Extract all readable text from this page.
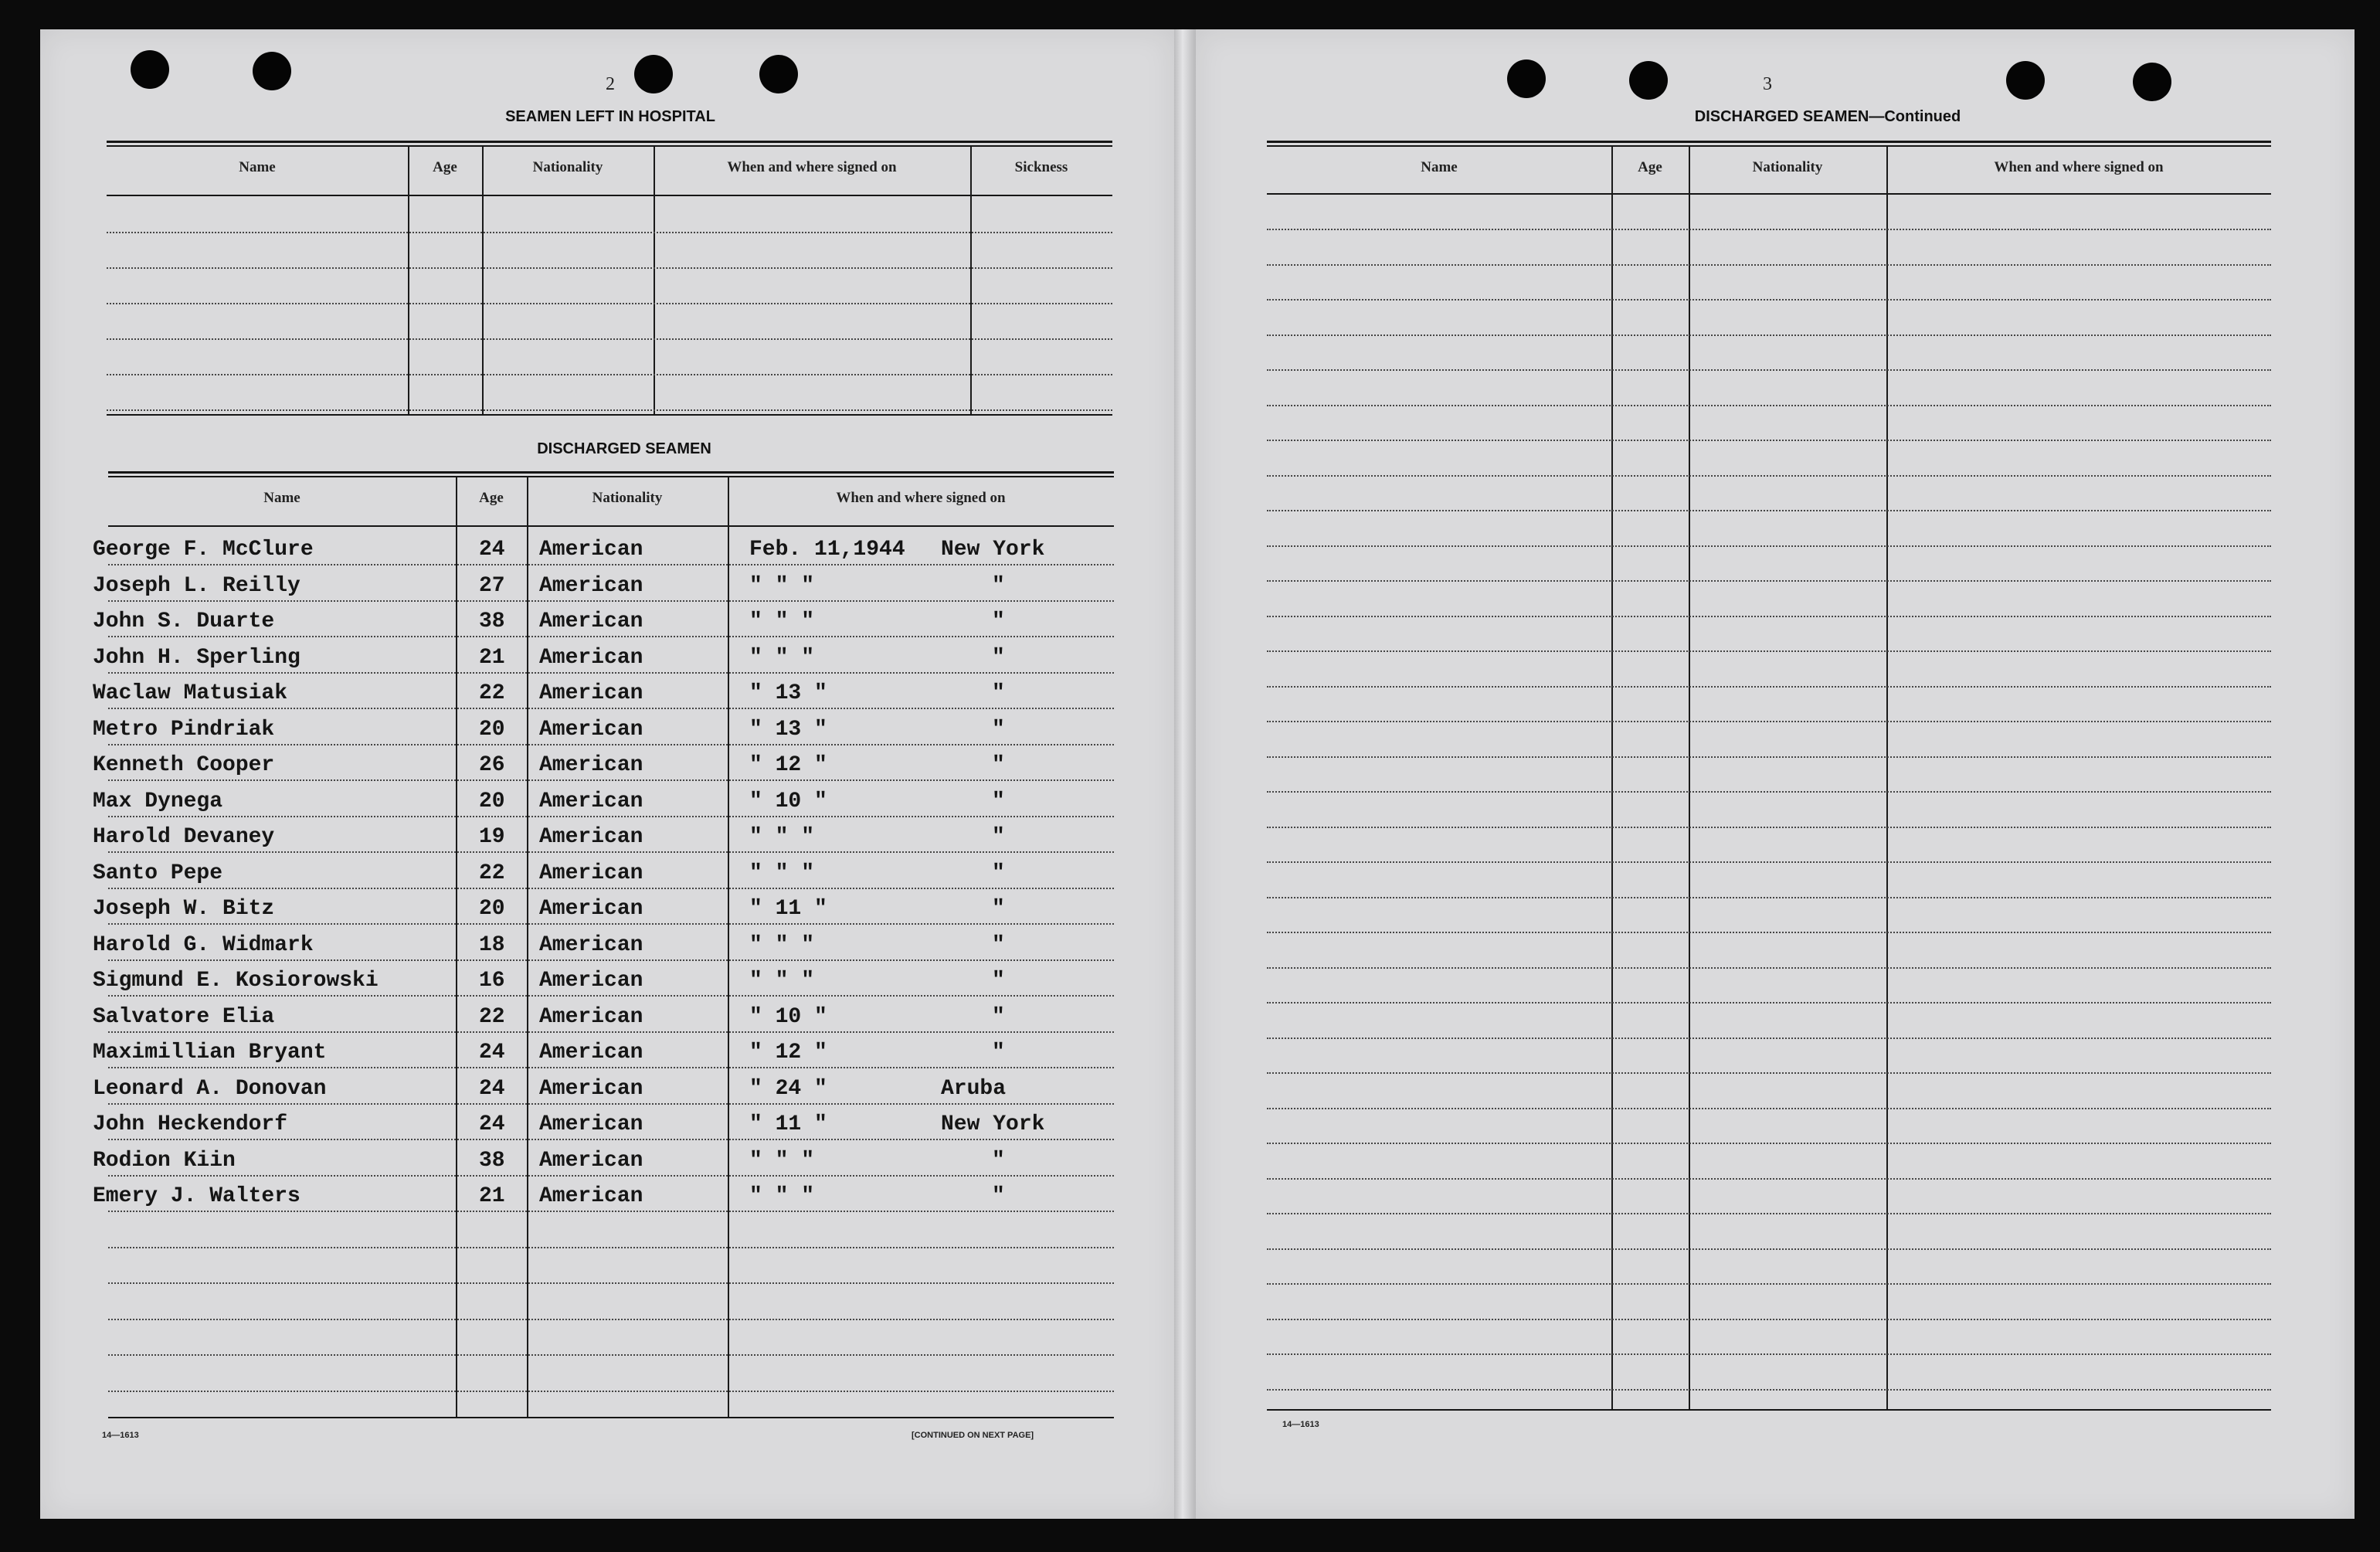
2
SEAMEN LEFT IN HOSPITAL
Name	Age	Nationality	When and where signed on	Sickness
DISCHARGED SEAMEN
Name	Age	Nationality	When and where signed on
George F. McClure	24 American	Feb. 11,1944 New York
Joseph L. Reilly	27 American	" " "	"
John S. Duarte	38 American	" " "	"
John H. Sperling	21 American	" " "	"
Waclaw Matusiak	22 American	" 13 "	"
Metro Pindriak	20 American	" 13 "	"
Kenneth Cooper	26 American	" 12 "	"
Max Dynega	20 American	" 10 "	"
Harold Devaney	19 American	" " "	"
Santo Pepe	22 American	" " "	"
Joseph W. Bitz	20 American	" 11 "	"
Harold G. Widmark	18 American	" " "	"
Sigmund E. Kosiorowski	16 American	" " "	"
Salvatore Elia	22 American	" 10 "	"
Maximillian Bryant	24 American	" 12 "	"
Leonard A. Donovan	24 American	" 24 "	Aruba
John Heckendorf	24 American	" 11 "	New York
Rodion Kiin	38 American	" " "	"
Emery J. Walters	21 American	" " "	"
14—1613	[CONTINUED ON NEXT PAGE]
3
DISCHARGED SEAMEN—Continued
Name	Age	Nationality	When and where signed on
14—1613
